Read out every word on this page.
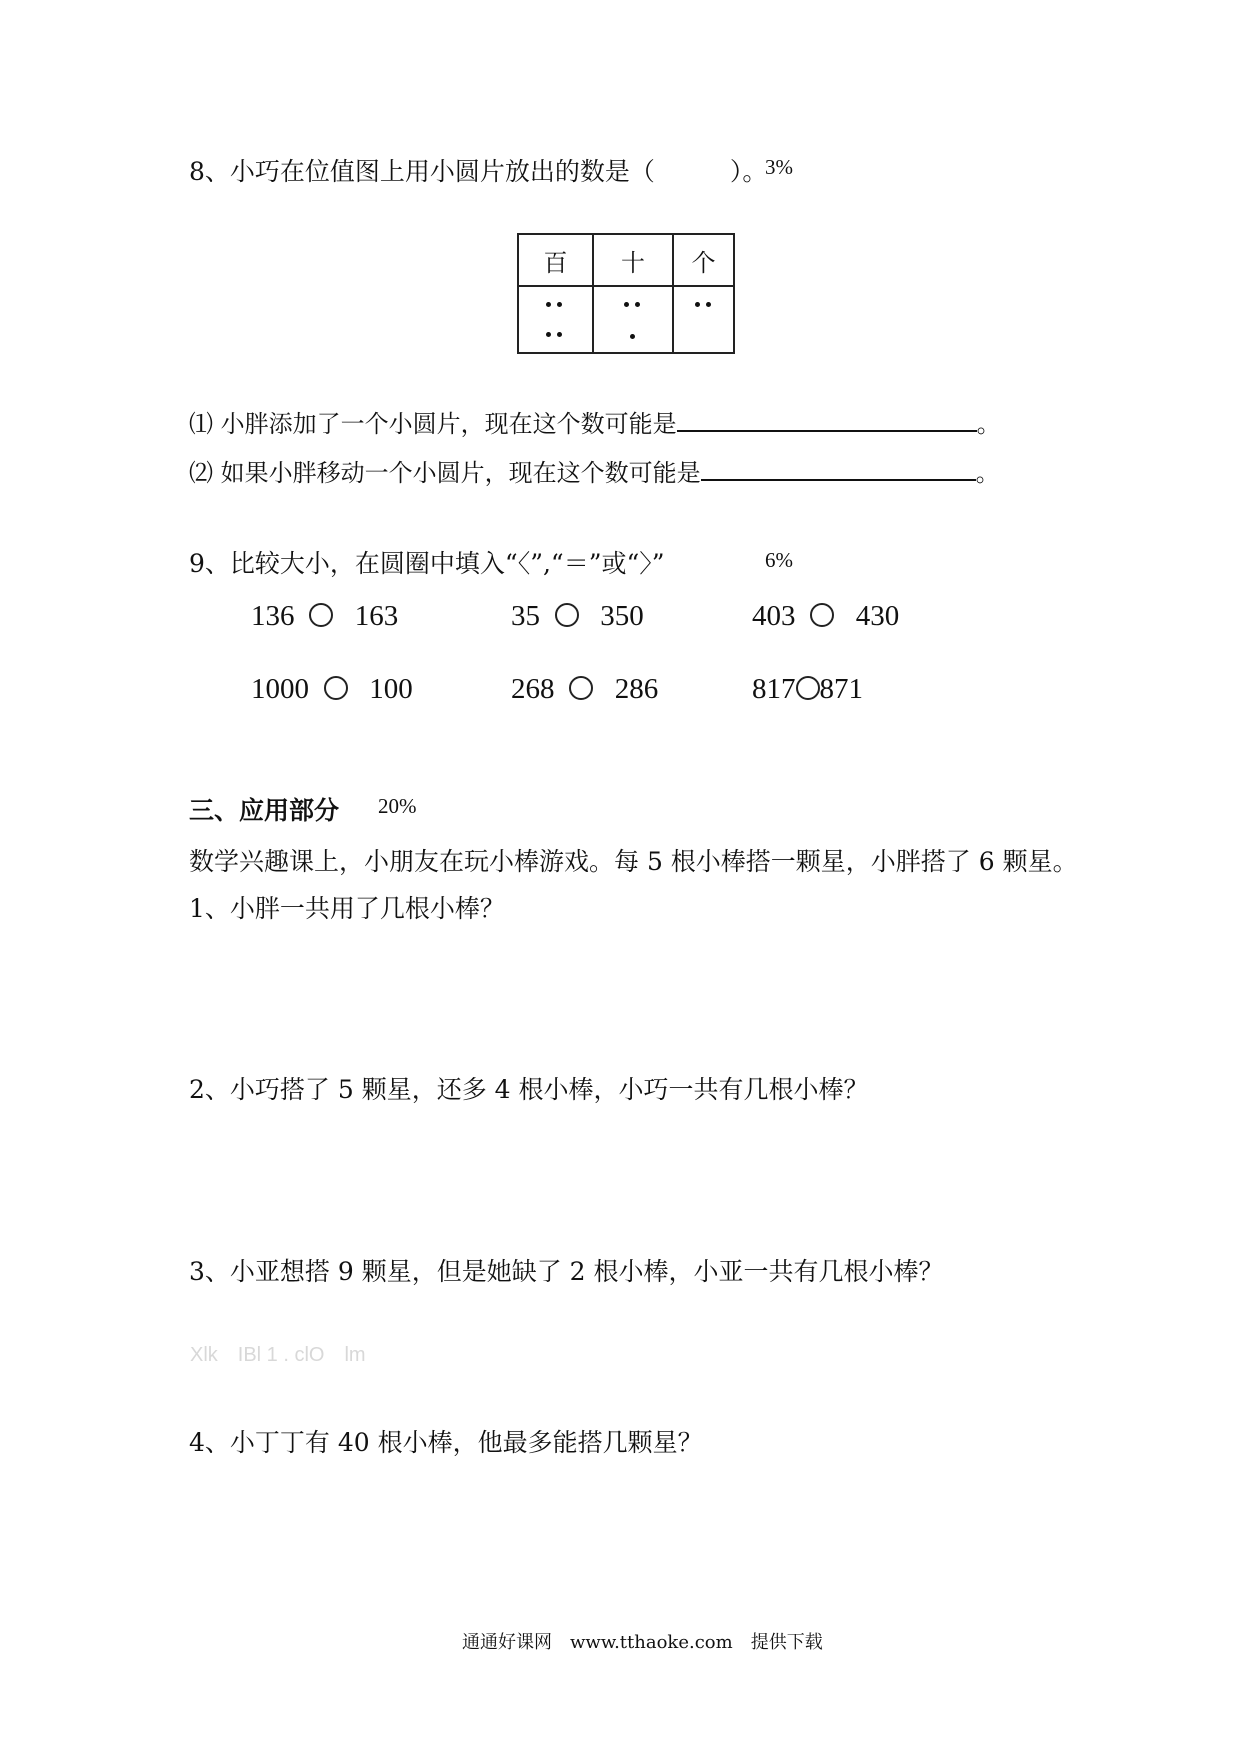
8、小巧在位值图上用小圆片放出的数是（　　　）。
3%
百	十	个

⑴ 小胖添加了一个小圆片，现在这个数可能是	。
⑵ 如果小胖移动一个小圆片，现在这个数可能是	。
9、比较大小，在圆圈中填入“〈”,“＝”或“〉”	6%
136 163	35 350	403 430
1000 100	268 286	817 871
三、应用部分 20%
数学兴趣课上，小朋友在玩小棒游戏。每 5 根小棒搭一颗星，小胖搭了 6 颗星。
1、小胖一共用了几根小棒？
2、小巧搭了 5 颗星，还多 4 根小棒，小巧一共有几根小棒？
3、小亚想搭 9 颗星，但是她缺了 2 根小棒，小亚一共有几根小棒？
Xlk　IBl 1 . clO　lm
4、小丁丁有 40 根小棒，他最多能搭几颗星？
通通好课网　www.tthaoke.com　提供下载
